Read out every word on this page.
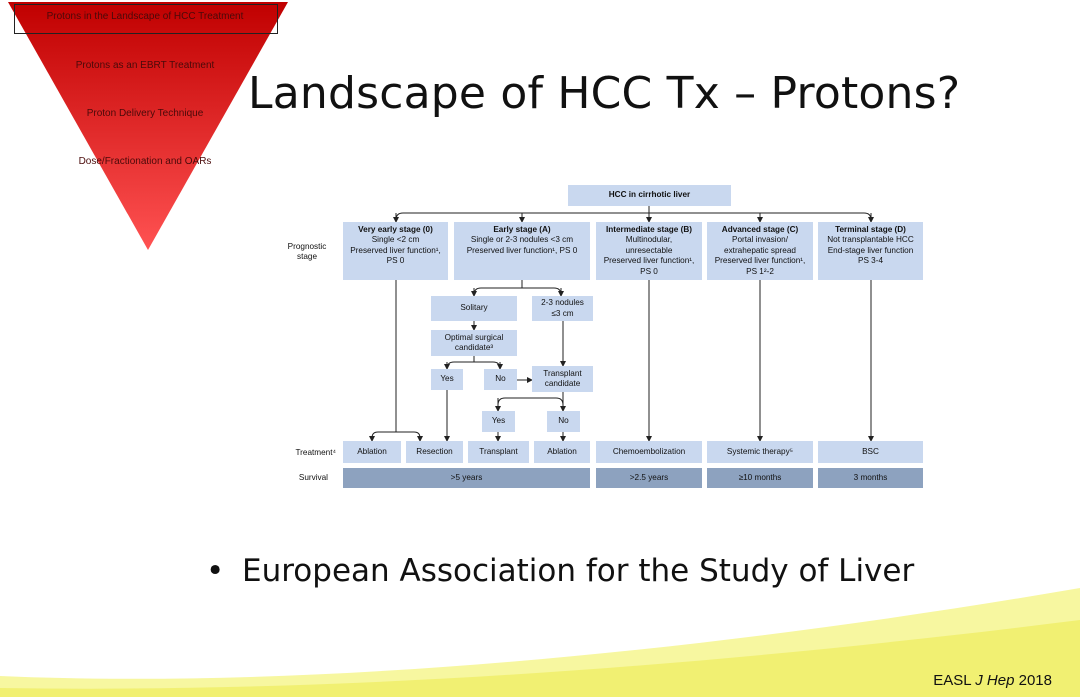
Protons in the Landscape of HCC Treatment
Protons as an EBRT Treatment
Proton Delivery Technique
Dose/Fractionation and OARs
Landscape of HCC Tx – Protons?
HCC in cirrhotic liver
Prognostic stage
Treatment⁴
Survival
Very early stage (0)
Single <2 cm
Preserved liver function¹,
PS 0
Early stage (A)
Single or 2-3 nodules <3 cm
Preserved liver function¹, PS 0
Intermediate stage (B)
Multinodular,
unresectable
Preserved liver function¹,
PS 0
Advanced stage (C)
Portal invasion/
extrahepatic spread
Preserved liver function¹,
PS 1²-2
Terminal stage (D)
Not transplantable HCC
End-stage liver function
PS 3-4
Solitary
2-3 nodules
≤3 cm
Optimal surgical
candidate³
Yes	No
Transplant
candidate
Yes	No
Ablation	Resection	Transplant	Ablation	Chemoembolization	Systemic therapy⁵	BSC
>5 years	>2.5 years	≥10 months	3 months

• European Association for the Study of Liver

EASL J Hep 2018
